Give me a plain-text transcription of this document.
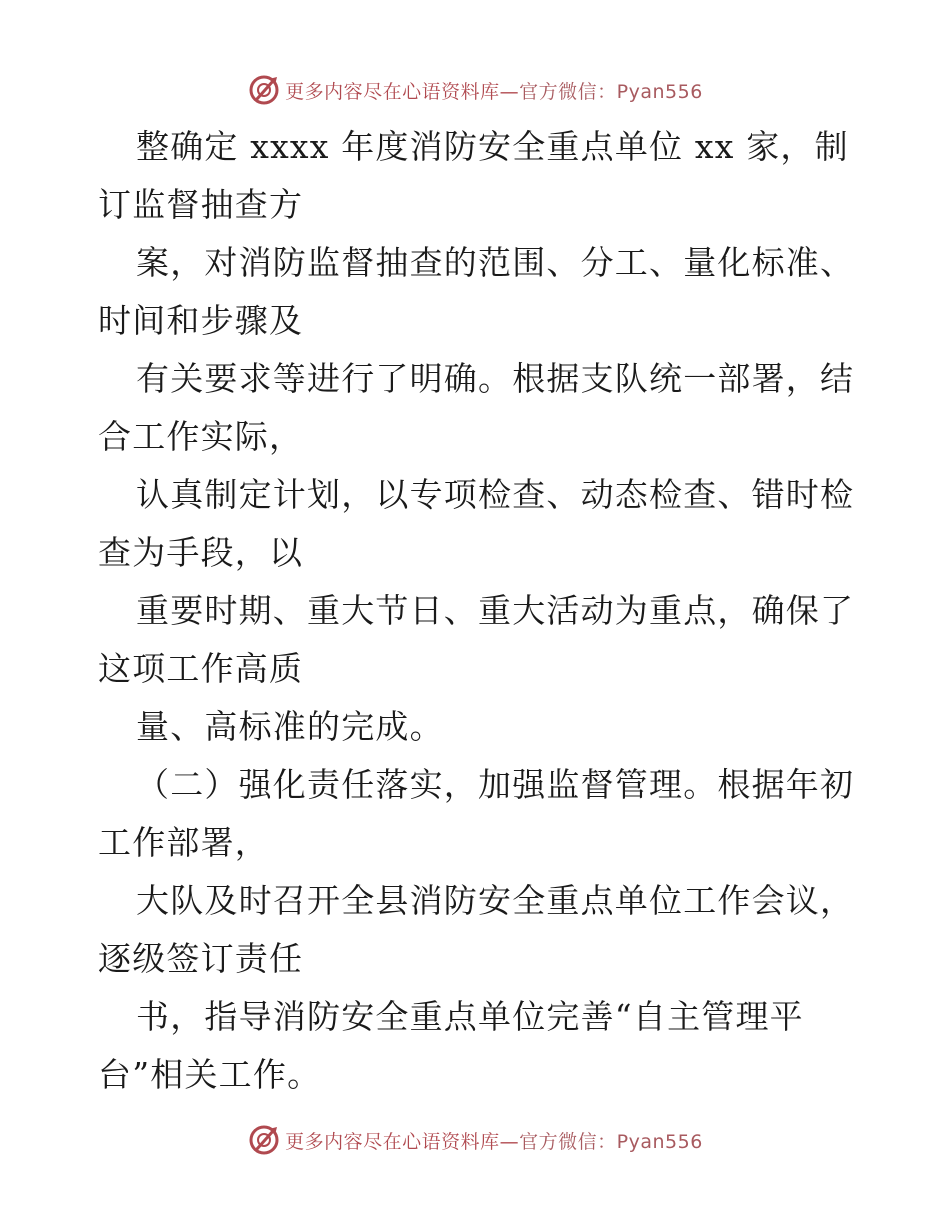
更多内容尽在心语资料库—官方微信：Pyan556
整确定 xxxx 年度消防安全重点单位 xx 家，制
订监督抽查方
案，对消防监督抽查的范围、分工、量化标准、
时间和步骤及
有关要求等进行了明确。根据支队统一部署，结
合工作实际，
认真制定计划，以专项检查、动态检查、错时检
查为手段，以
重要时期、重大节日、重大活动为重点，确保了
这项工作高质
量、高标准的完成。
（二）强化责任落实，加强监督管理。根据年初
工作部署，
大队及时召开全县消防安全重点单位工作会议，
逐级签订责任
书，指导消防安全重点单位完善“自主管理平
台”相关工作。
更多内容尽在心语资料库—官方微信：Pyan556
